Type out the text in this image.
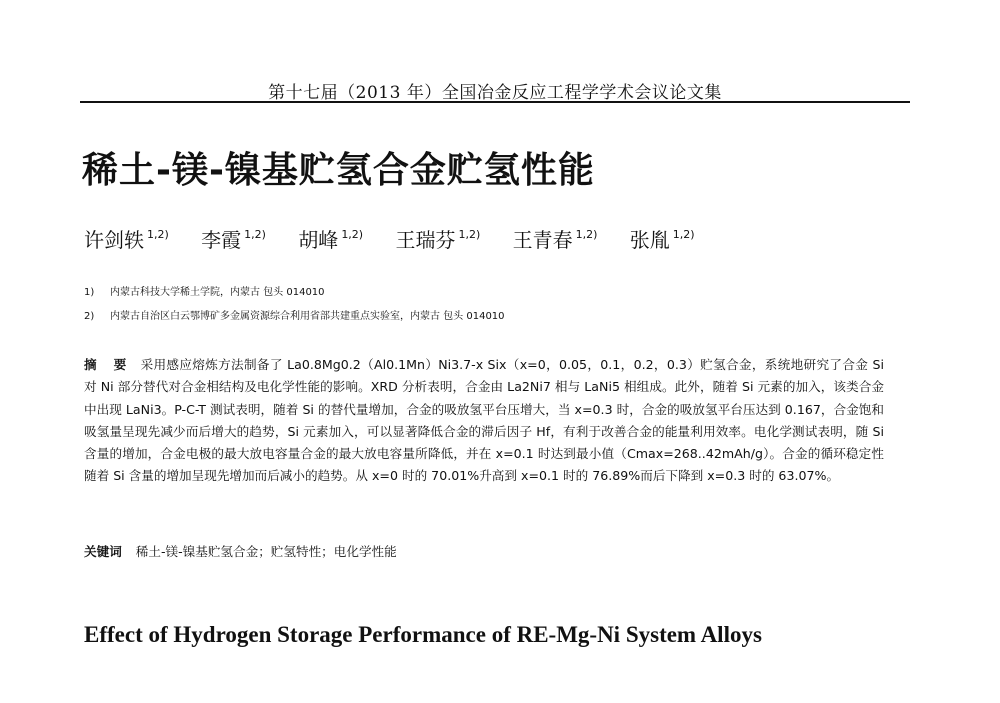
第十七届（2013 年）全国冶金反应工程学学术会议论文集
稀土-镁-镍基贮氢合金贮氢性能
许剑轶 $^{1,2)}$ 李霞 $^{1,2)}$ 胡峰 $^{1,2)}$ 王瑞芬 $^{1,2)}$ 王青春 $^{1,2)}$ 张胤 $^{1,2)}$
1) 内蒙古科技大学稀土学院，内蒙古 包头 014010
2) 内蒙古自治区白云鄂博矿多金属资源综合利用省部共建重点实验室，内蒙古 包头 014010
摘 要 采用感应熔炼方法制备了 La0.8Mg0.2（Al0.1Mn）Ni3.7-x Six（x=0，0.05，0.1，0.2，0.3）贮氢合金，系统地研究了合金 Si 对 Ni 部分替代对合金相结构及电化学性能的影响。XRD 分析表明，合金由 La2Ni7 相与 LaNi5 相组成。此外，随着 Si 元素的加入，该类合金中出现 LaNi3。P-C-T 测试表明，随着 Si 的替代量增加，合金的吸放氢平台压增大，当 x=0.3 时，合金的吸放氢平台压达到 0.167，合金饱和吸氢量呈现先减少而后增大的趋势，Si 元素加入，可以显著降低合金的滞后因子 Hf，有利于改善合金的能量利用效率。电化学测试表明，随 Si 含量的增加，合金电极的最大放电容量合金的最大放电容量所降低，并在 x=0.1 时达到最小值（Cmax=268..42mAh/g）。合金的循环稳定性随着 Si 含量的增加呈现先增加而后减小的趋势。从 x=0 时的 70.01%升高到 x=0.1 时的 76.89%而后下降到 x=0.3 时的 63.07%。
关键词 稀土-镁-镍基贮氢合金；贮氢特性；电化学性能
Effect of Hydrogen Storage Performance of RE-Mg-Ni System Alloys
